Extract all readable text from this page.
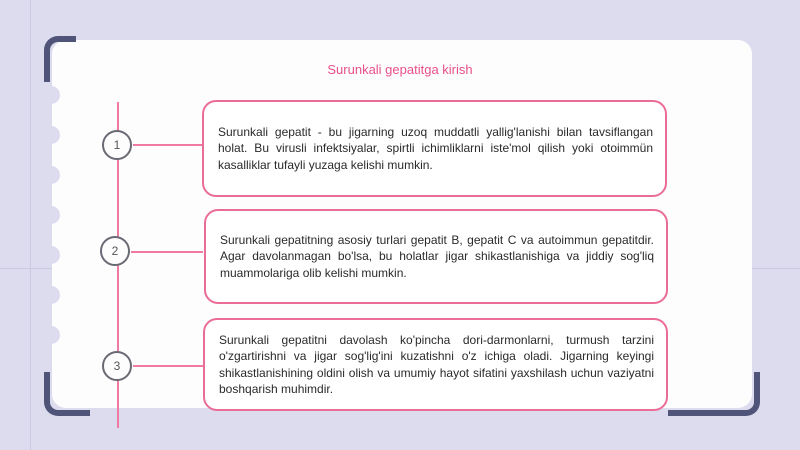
Surunkali gepatitga kirish
1

Surunkali gepatit - bu jigarning uzoq muddatli yallig'lanishi bilan tavsiflangan holat. Bu virusli infektsiyalar, spirtli ichimliklarni iste'mol qilish yoki otoimmün kasalliklar tufayli yuzaga kelishi mumkin.

2

Surunkali gepatitning asosiy turlari gepatit B, gepatit C va autoimmun gepatitdir. Agar davolanmagan bo'lsa, bu holatlar jigar shikastlanishiga va jiddiy sog'liq muammolariga olib kelishi mumkin.

3

Surunkali gepatitni davolash ko'pincha dori-darmonlarni, turmush tarzini o'zgartirishni va jigar sog'lig'ini kuzatishni o'z ichiga oladi. Jigarning keyingi shikastlanishining oldini olish va umumiy hayot sifatini yaxshilash uchun vaziyatni boshqarish muhimdir.
